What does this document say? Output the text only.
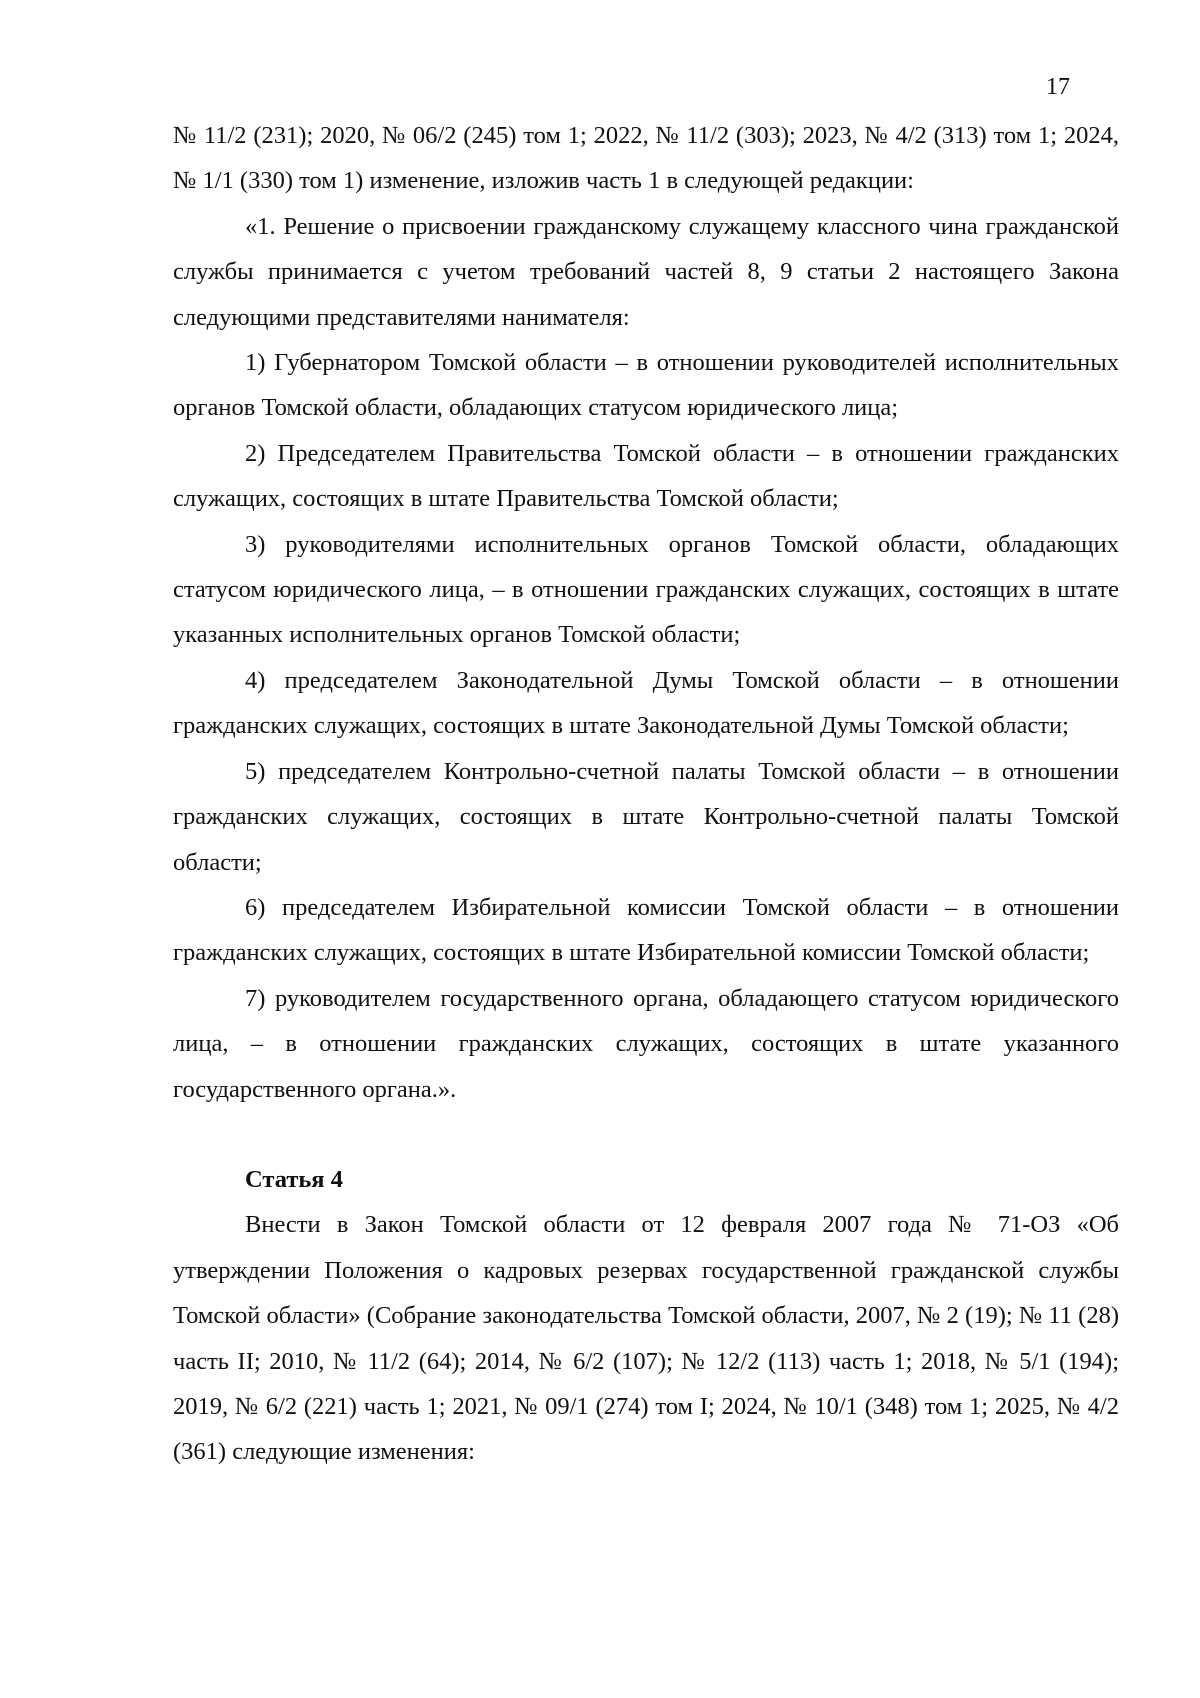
17

№ 11/2 (231); 2020, № 06/2 (245) том 1; 2022, № 11/2 (303); 2023, № 4/2 (313) том 1; 2024, № 1/1 (330) том 1) изменение, изложив часть 1 в следующей редакции:

«1. Решение о присвоении гражданскому служащему классного чина гражданской службы принимается с учетом требований частей 8, 9 статьи 2 настоящего Закона следующими представителями нанимателя:

1) Губернатором Томской области – в отношении руководителей исполнительных органов Томской области, обладающих статусом юридического лица;

2) Председателем Правительства Томской области – в отношении гражданских служащих, состоящих в штате Правительства Томской области;

3) руководителями исполнительных органов Томской области, обладающих статусом юридического лица, – в отношении гражданских служащих, состоящих в штате указанных исполнительных органов Томской области;

4) председателем Законодательной Думы Томской области – в отношении гражданских служащих, состоящих в штате Законодательной Думы Томской области;

5) председателем Контрольно-счетной палаты Томской области – в отношении гражданских служащих, состоящих в штате Контрольно-счетной палаты Томской области;

6) председателем Избирательной комиссии Томской области – в отношении гражданских служащих, состоящих в штате Избирательной комиссии Томской области;

7) руководителем государственного органа, обладающего статусом юридического лица, – в отношении гражданских служащих, состоящих в штате указанного государственного органа.».

Статья 4

Внести в Закон Томской области от 12 февраля 2007 года № 71-ОЗ «Об утверждении Положения о кадровых резервах государственной гражданской службы Томской области» (Собрание законодательства Томской области, 2007, № 2 (19); № 11 (28) часть II; 2010, № 11/2 (64); 2014, № 6/2 (107); № 12/2 (113) часть 1; 2018, № 5/1 (194); 2019, № 6/2 (221) часть 1; 2021, № 09/1 (274) том I; 2024, № 10/1 (348) том 1; 2025, № 4/2 (361) следующие изменения:
